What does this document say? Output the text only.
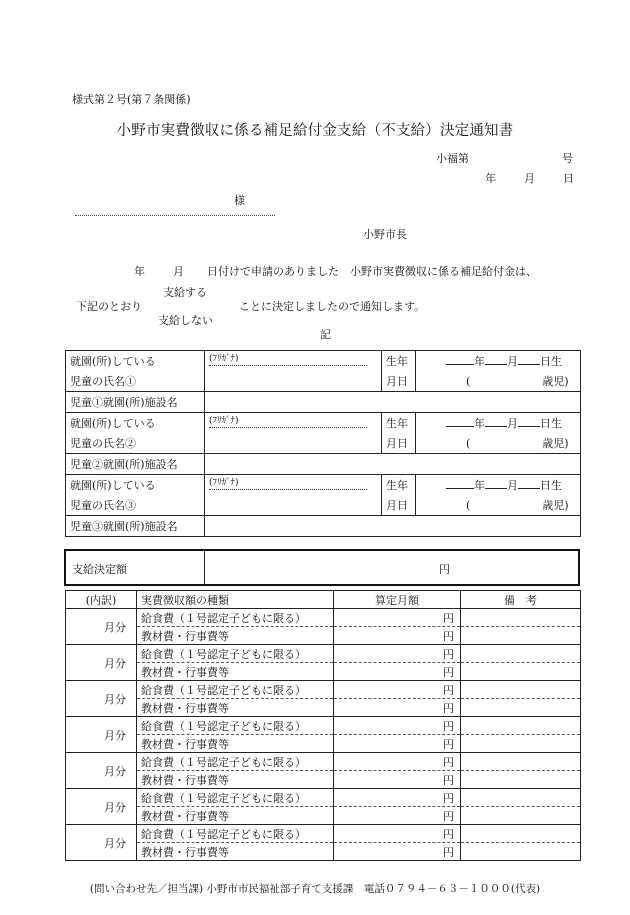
様式第２号(第７条関係)
小野市実費徴収に係る補足給付金支給（不支給）決定通知書
小福第	号
年	月	日
様
小野市長
年	月 日付けで申請のありました　小野市実費徴収に係る補足給付金は、
支給する
下記のとおり	ことに決定しましたので通知します。
支給しない
記
就園(所)している	(ﾌﾘｶﾞﾅ)	生年	年 月 日生
児童の氏名①		月日	( 歳児)
児童①就園(所)施設名			
就園(所)している	(ﾌﾘｶﾞﾅ)	生年	年 月 日生
児童の氏名②		月日	( 歳児)
児童②就園(所)施設名			
就園(所)している	(ﾌﾘｶﾞﾅ)	生年	年 月 日生
児童の氏名③		月日	( 歳児)
児童③就園(所)施設名			
支給決定額	円
(内訳)	実費徴収額の種類	算定月額	備　考
月分	給食費（１号認定子どもに限る）	円	
	教材費・行事費等	円	
月分	給食費（１号認定子どもに限る）	円	
	教材費・行事費等	円	
月分	給食費（１号認定子どもに限る）	円	
	教材費・行事費等	円	
月分	給食費（１号認定子どもに限る）	円	
	教材費・行事費等	円	
月分	給食費（１号認定子どもに限る）	円	
	教材費・行事費等	円	
月分	給食費（１号認定子どもに限る）	円	
	教材費・行事費等	円	
月分	給食費（１号認定子どもに限る）	円	
	教材費・行事費等	円	
(問い合わせ先／担当課) 小野市市民福祉部子育て支援課　電話０７９４－６３－１０００(代表)
